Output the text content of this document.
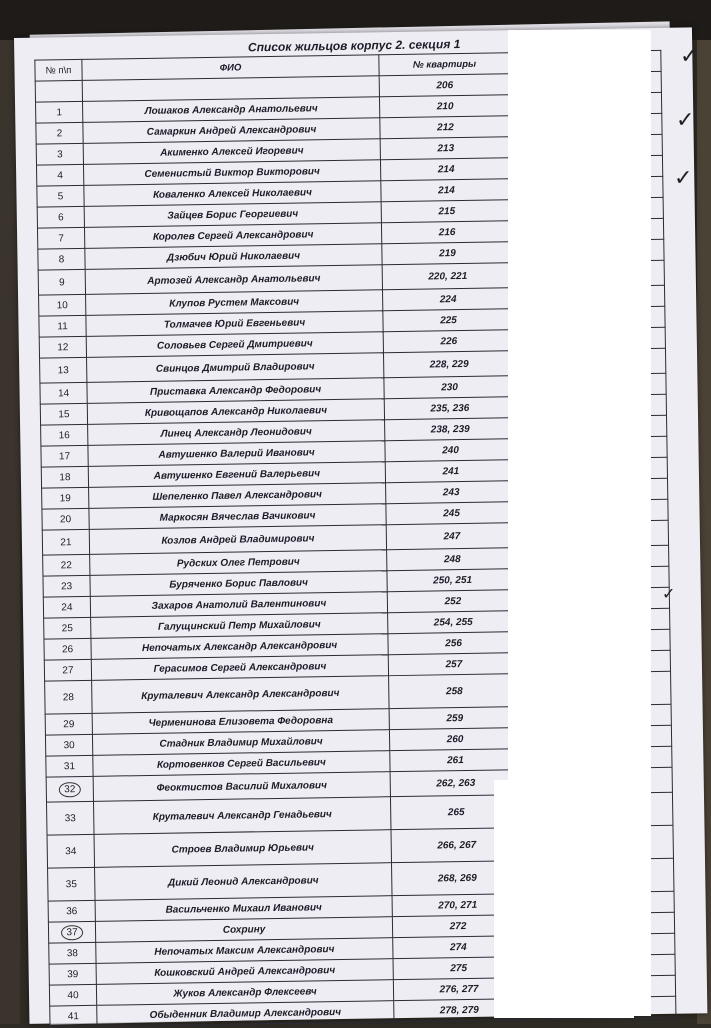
Список жильцов корпус 2. секция 1
№ п\п	ФИО	№ квартиры	
		206	
1	Лошаков Александр Анатольевич	210	
2	Самаркин Андрей Александрович	212	
3	Акименко Алексей Игоревич	213	
4	Семенистый Виктор Викторович	214	
5	Коваленко Алексей Николаевич	214	
6	Зайцев Борис Георгиевич	215	
7	Королев Сергей Александрович	216	
8	Дзюбич Юрий Николаевич	219	
9	Артозей Александр Анатольевич	220, 221	
10	Клупов Рустем Максович	224	
11	Толмачев Юрий Евгеньевич	225	
12	Соловьев Сергей Дмитриевич	226	
13	Свинцов Дмитрий Владирович	228, 229	
14	Приставка Александр Федорович	230	
15	Кривощапов Александр Николаевич	235, 236	
16	Линец Александр Леонидович	238, 239	
17	Автушенко Валерий Иванович	240	
18	Автушенко Евгений Валерьевич	241	
19	Шепеленко Павел Александрович	243	
20	Маркосян Вячеслав Вачикович	245	
21	Козлов Андрей Владимирович	247	
22	Рудских Олег Петрович	248	
23	Буряченко Борис Павлович	250, 251	
24	Захаров Анатолий Валентинович	252	
25	Галущинский Петр Михайлович	254, 255	
26	Непочатых Александр Александрович	256	
27	Герасимов Сергей Александрович	257	
28	Круталевич Александр Александрович	258	
29	Черменинова Елизовета Федоровна	259	
30	Стадник Владимир Михайлович	260	
31	Кортовенков Сергей Васильевич	261	
32	Феоктистов Василий Михалович	262, 263	
33	Круталевич Александр Генадьевич	265	
34	Строев Владимир Юрьевич	266, 267	
35	Дикий Леонид Александрович	268, 269	
36	Васильченко Михаил Иванович	270, 271	
37	Сохрину	272	
38	Непочатых Максим Александрович	274	
39	Кошковский Андрей Александрович	275	
40	Жуков Александр Флексеевч	276, 277	
41	Обыденник Владимир Александрович	278, 279	
✓
✓
✓
✓
